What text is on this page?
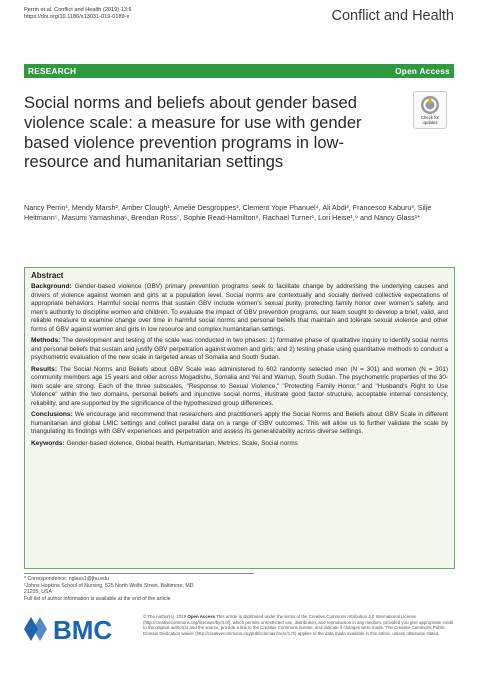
Perrin et al. Conflict and Health (2019) 13:6
https://doi.org/10.1186/s13031-019-0189-x	Conflict and Health
RESEARCH	Open Access
Social norms and beliefs about gender based violence scale: a measure for use with gender based violence prevention programs in low-resource and humanitarian settings
Check for
updates
Nancy Perrin¹, Mendy Marsh², Amber Clough¹, Amelie Desgroppes³, Clement Yope Phanuel⁴, Ali Abdi³, Francesco Kaburu³, Silje Heitmann⁵, Masumi Yamashina⁶, Brendan Ross⁷, Sophie Read-Hamilton⁸, Rachael Turner¹, Lori Heise¹,⁹ and Nancy Glass¹*
Abstract

Background: Gender-based violence (GBV) primary prevention programs seek to facilitate change by addressing the underlying causes and drivers of violence against women and girls at a population level. Social norms are contextually and socially derived collective expectations of appropriate behaviors. Harmful social norms that sustain GBV include women's sexual purity, protecting family honor over women's safety, and men's authority to discipline women and children. To evaluate the impact of GBV prevention programs, our team sought to develop a brief, valid, and reliable measure to examine change over time in harmful social norms and personal beliefs that maintain and tolerate sexual violence and other forms of GBV against women and girls in low resource and complex humanitarian settings.

Methods: The development and testing of the scale was conducted in two phases: 1) formative phase of qualitative inquiry to identify social norms and personal beliefs that sustain and justify GBV perpetration against women and girls; and 2) testing phase using quantitative methods to conduct a psychometric evaluation of the new scale in targeted areas of Somalia and South Sudan.

Results: The Social Norms and Beliefs about GBV Scale was administered to 602 randomly selected men (N = 301) and women (N = 301) community members age 15 years and older across Mogadishu, Somalia and Yei and Warrup, South Sudan. The psychometric properties of the 30-item scale are strong. Each of the three subscales, "Response to Sexual Violence," "Protecting Family Honor," and "Husband's Right to Use Violence" within the two domains, personal beliefs and injunctive social norms, illustrate good factor structure, acceptable internal consistency, reliability, and are supported by the significance of the hypothesized group differences.

Conclusions: We encourage and recommend that researchers and practitioners apply the Social Norms and Beliefs about GBV Scale in different humanitarian and global LMIC settings and collect parallel data on a range of GBV outcomes. This will allow us to further validate the scale by triangulating its findings with GBV experiences and perpetration and assess its generalizability across diverse settings.

Keywords: Gender-based violence, Global health, Humanitarian, Metrics, Scale, Social norms

* Correspondence: nglass1@jhu.edu
¹Johns Hopkins School of Nursing, 525 North Wolfe Street, Baltimore, MD
21205, USA
Full list of author information is available at the end of the article
BMC	© The Author(s). 2019 Open Access This article is distributed under the terms of the Creative Commons Attribution 4.0 International License (http://creativecommons.org/licenses/by/4.0/), which permits unrestricted use, distribution, and reproduction in any medium, provided you give appropriate credit to the original author(s) and the source, provide a link to the Creative Commons license, and indicate if changes were made. The Creative Commons Public Domain Dedication waiver (http://creativecommons.org/publicdomain/zero/1.0/) applies to the data made available in this article, unless otherwise stated.
